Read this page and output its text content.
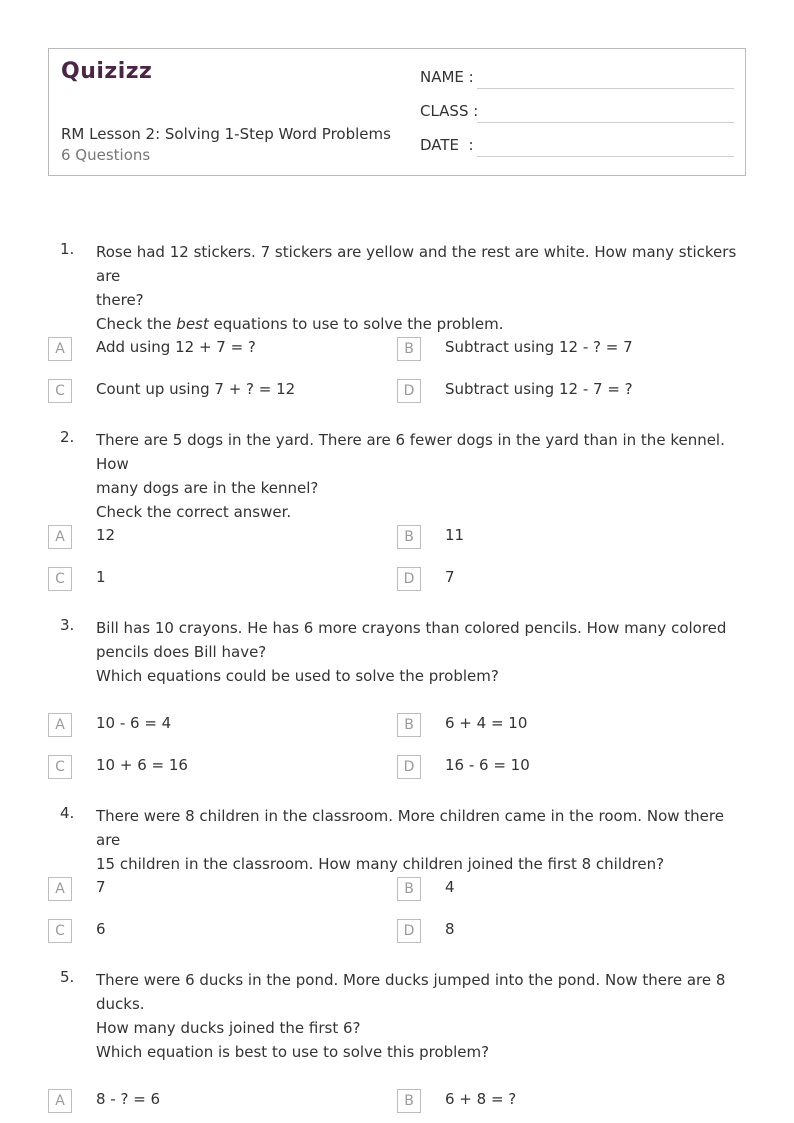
Quizizz
RM Lesson 2: Solving 1-Step Word Problems
6 Questions
NAME :
CLASS :
DATE  :
1. Rose had 12 stickers. 7 stickers are yellow and the rest are white. How many stickers are
there?
Check the best equations to use to solve the problem.
A	Add using 12 + 7 = ?	B	Subtract using 12 - ? = 7
C	Count up using 7 + ? = 12	D	Subtract using 12 - 7 = ?
2. There are 5 dogs in the yard. There are 6 fewer dogs in the yard than in the kennel. How
many dogs are in the kennel?
Check the correct answer.
A	12	B	11
C	1	D	7
3. Bill has 10 crayons. He has 6 more crayons than colored pencils. How many colored
pencils does Bill have?
Which equations could be used to solve the problem?
A	10 - 6 = 4	B	6 + 4 = 10
C	10 + 6 = 16	D	16 - 6 = 10
4. There were 8 children in the classroom. More children came in the room. Now there are
15 children in the classroom. How many children joined the first 8 children?
A	7	B	4
C	6	D	8
5. There were 6 ducks in the pond. More ducks jumped into the pond. Now there are 8
ducks.
How many ducks joined the first 6?
Which equation is best to use to solve this problem?
A	8 - ? = 6	B	6 + 8 = ?
